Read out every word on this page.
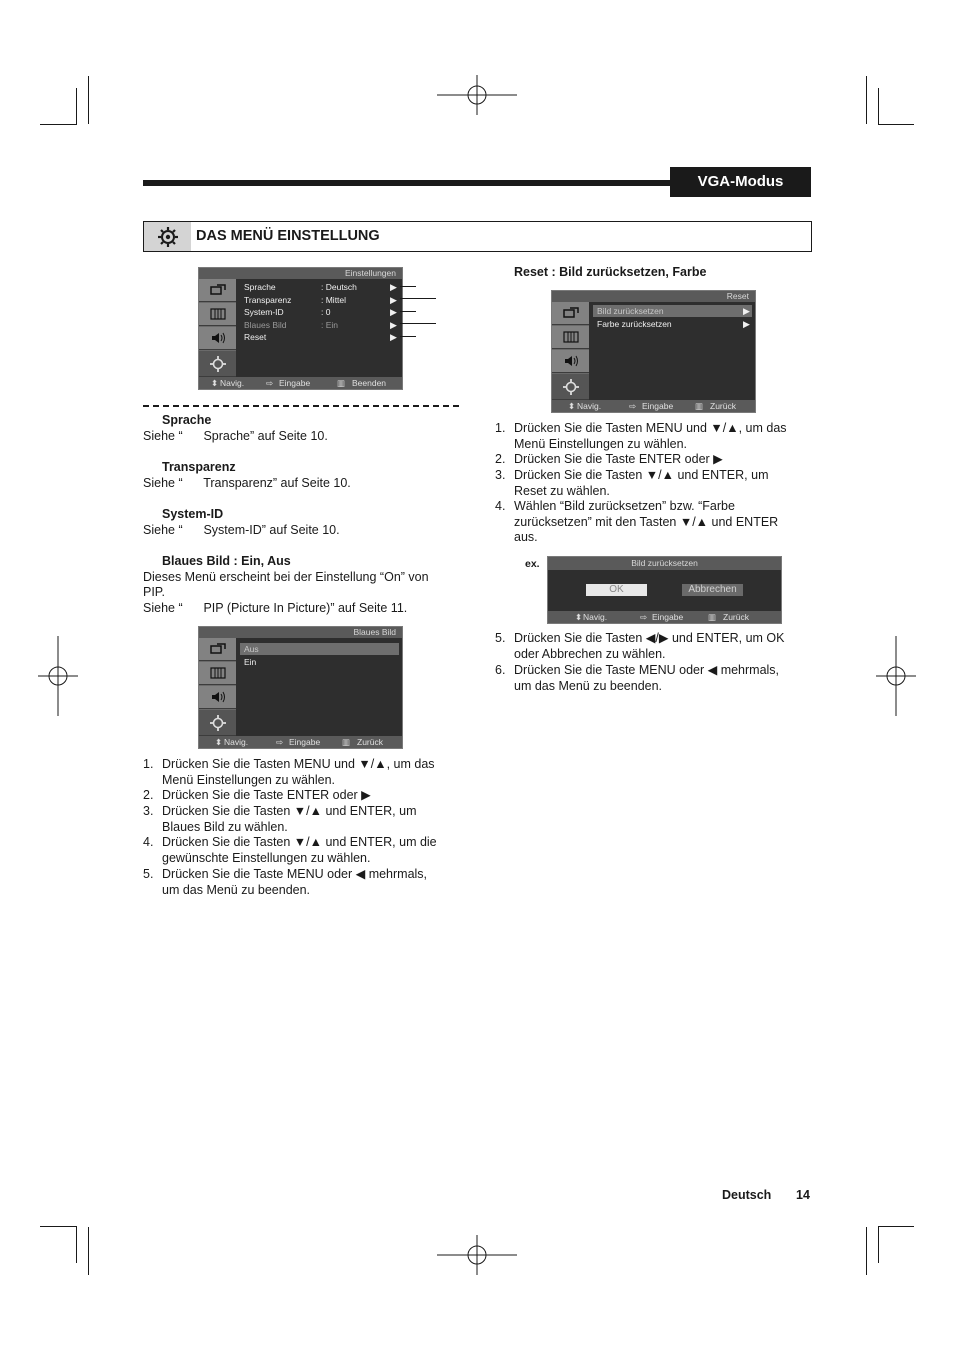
VGA-Modus
DAS MENÜ EINSTELLUNG
Einstellungen
Sprache	: Deutsch	▶
Transparenz	: Mittel	▶
System-ID	: 0	▶
Blaues Bild	: Ein	▶
Reset	▶
⬍ Navig.	⇨ Eingabe	▥ Beenden
Sprache
Siehe “      Sprache” auf Seite 10.
Transparenz
Siehe “      Transparenz” auf Seite 10.
System-ID
Siehe “      System-ID” auf Seite 10.
Blaues Bild : Ein, Aus
Dieses Menü erscheint bei der Einstellung “On” von
PIP.
Siehe “      PIP (Picture In Picture)” auf Seite 11.
Blaues Bild
Aus
Ein
⬍ Navig.	⇨ Eingabe	▥ Zurück
1. Drücken Sie die Tasten MENU und ▼/▲, um das
Menü Einstellungen zu wählen.
2. Drücken Sie die Taste ENTER oder ▶
3. Drücken Sie die Tasten ▼/▲ und ENTER, um
Blaues Bild zu wählen.
4. Drücken Sie die Tasten ▼/▲ und ENTER, um die
gewünschte Einstellungen zu wählen.
5. Drücken Sie die Taste MENU oder ◀ mehrmals,
um das Menü zu beenden.
Reset : Bild zurücksetzen, Farbe
Reset
Bild zurücksetzen	▶
Farbe zurücksetzen	▶
⬍ Navig.	⇨ Eingabe	▥ Zurück
1. Drücken Sie die Tasten MENU und ▼/▲, um das
Menü Einstellungen zu wählen.
2. Drücken Sie die Taste ENTER oder ▶
3. Drücken Sie die Tasten ▼/▲ und ENTER, um
Reset zu wählen.
4. Wählen “Bild zurücksetzen” bzw. “Farbe
zurücksetzen” mit den Tasten ▼/▲ und ENTER
aus.
ex.	Bild zurücksetzen
OK	Abbrechen
⬍ Navig.	⇨ Eingabe	▥ Zurück
5. Drücken Sie die Tasten ◀/▶ und ENTER, um OK
oder Abbrechen zu wählen.
6. Drücken Sie die Taste MENU oder ◀ mehrmals,
um das Menü zu beenden.
Deutsch 14
